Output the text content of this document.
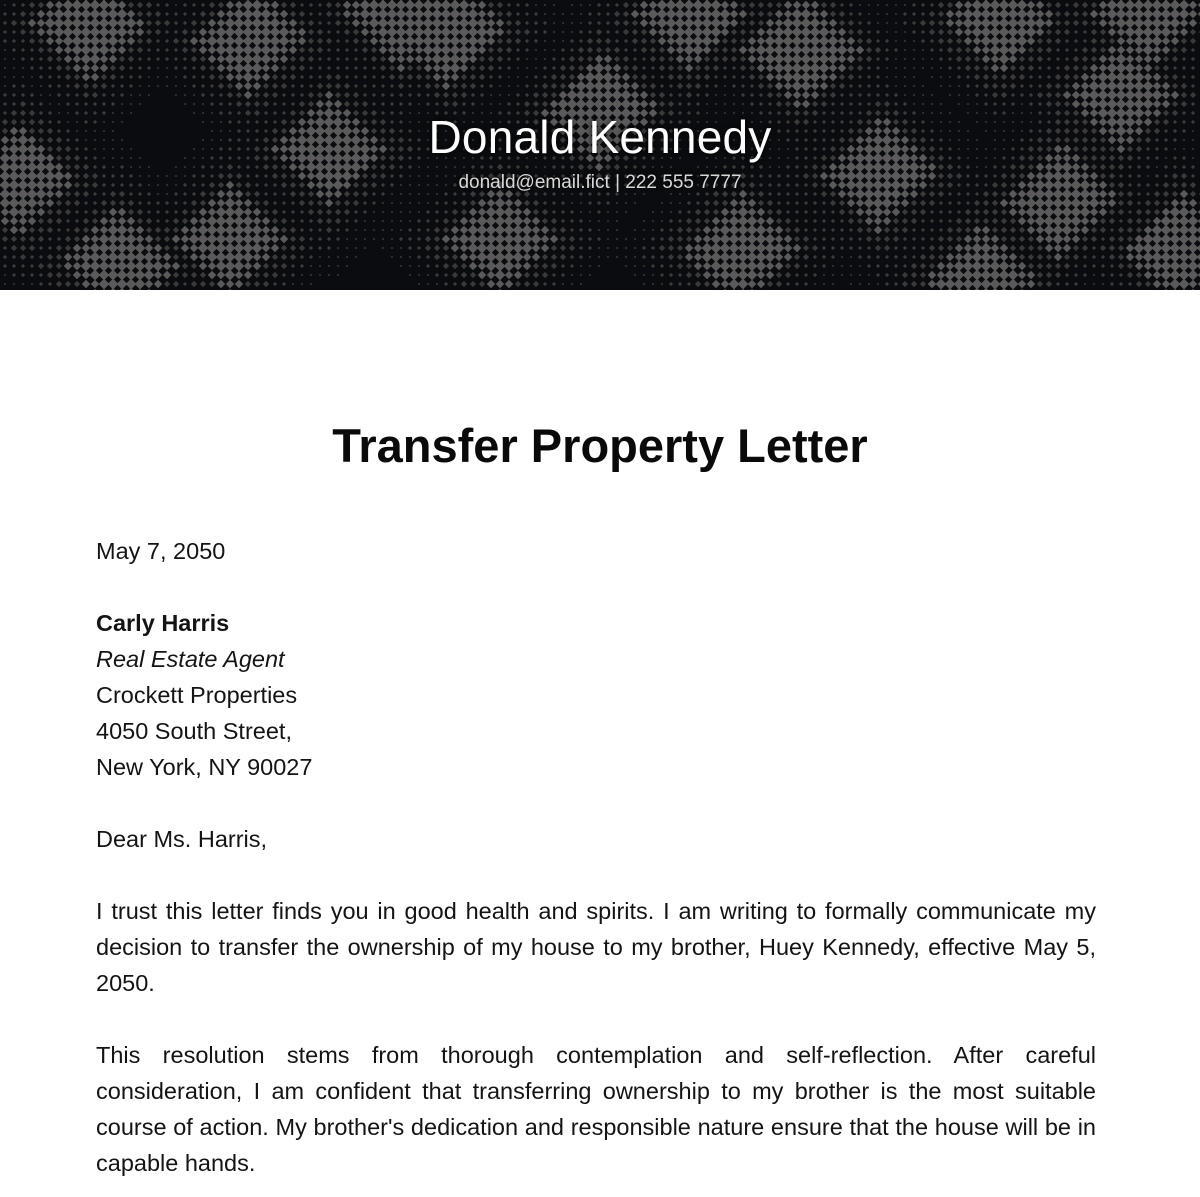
Donald Kennedy
donald@email.fict | 222 555 7777
Transfer Property Letter

May 7, 2050

Carly Harris

Real Estate Agent

Crockett Properties

4050 South Street,

New York, NY 90027

Dear Ms. Harris,

I trust this letter finds you in good health and spirits. I am writing to formally communicate my decision to transfer the ownership of my house to my brother, Huey Kennedy, effective May 5, 2050.

This resolution stems from thorough contemplation and self-reflection. After careful consideration, I am confident that transferring ownership to my brother is the most suitable course of action. My brother's dedication and responsible nature ensure that the house will be in capable hands.
